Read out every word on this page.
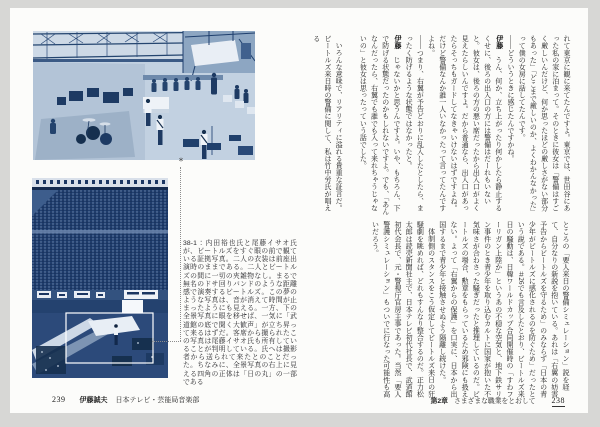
*
38-1：内田裕也氏と尾藤イサオ氏が、ビートルズをすぐ眼の前で観ている証拠写真。二人の衣装は前座出演時のままである。二人とビートルズの間に一切の夾雑物なし。まるで無名のドサ回りバンドのような距離感で演奏するビートルズ。この夢のような写真は、音が消えて時間が止まったようにも見える。一方、下の全景写真に眼を移せば、一気に「武道館の底で聞く大歓声」が立ち昇って来るはずだ。客席から撮られたこの写真は尾藤イサオ氏も所有していることが判明している。氏へは撮影者から送られて来たとのことだった。ちなみに、全景写真の右上に見える四角の正体は「日の丸」の一部である
239 伊藤誠夫 日本テレビ・芸能局音楽部

れて東京に観に来てたんですよ。東京では、世田谷にあった私の家に泊まって。そのときに彼女は「警備はすごく厳しいんだけど、何か思ったほどの厳しさがない部分もあった」「どこまで厳しいのか、よくわかんなかった」って僕の女房に話してたんです。

――どういうときに感じたんですかね。

伊藤　うん、何か、立ち上がったり何かしたら静止するくせに、後ろの出入口の方には警備はだーれもいないと。彼女は、後ろの方の悪い席だったから出入口がよく見えたらしいんですよ。だから普通なら、出入口があったらそっちもガードしてなきゃいけないはずですよね。だけど警備なんか誰一人いなかったって言ってたんですよね。

――つまり、右翼が予告どおりに乱入したとしたら、まったく防げるような状態ではなかったと。

伊藤　じゃないかと思うんですよ。いや、もちろん、下で防げる状態だったのかもしれないですよ。でも、「あんなんだったら、右翼でも誰でも入って来れちゃうじゃないの」と彼女は思ったっていう話でした。

いろんな意味で、リアリティに溢れる貴重な証言だ。ビートルズ来日時の警備に関して、私は竹中労氏が唱える

ところの「要人来日の警備シミュレーション」説を経て、自分なりの新説を抱いている。あれは「右翼の妨害予告からビートルズを守るため」のみならず「日本の青少年がビートルズに感化されるのを防ぐため」だったという説である。＃26でも言及したとおり、ビートルズ来日の騒動は、日韓ワールドカップ合同開催時の「すわフーリガン上陸か」というあの不穏な空気と、地下鉄サリン事件のとき青少年を取り込むカルトに国家が抱いた不気味さが合わさった騒ぎだったと推理しているのだ。ビートルズの場合、勲章をもらっているため邪険にも扱えない。よって「右翼からの保護」を口実に、日本から出国するまで青少年と接触させぬよう隔離し続けた。

体制側のスタンスをこう仮定してビートルズ来日の狂騒劇を眺めれば、どれもすんなり整合するのだ。正力松太郎は読売新聞社主で、日本テレビ初代社長で、武道館初代会長で、元・警視庁官房主事であった。当然「要人警護シミュレーション」もついでに行なった可能性も高いだろう。

第2章 さまざまな職業をとおして 238
